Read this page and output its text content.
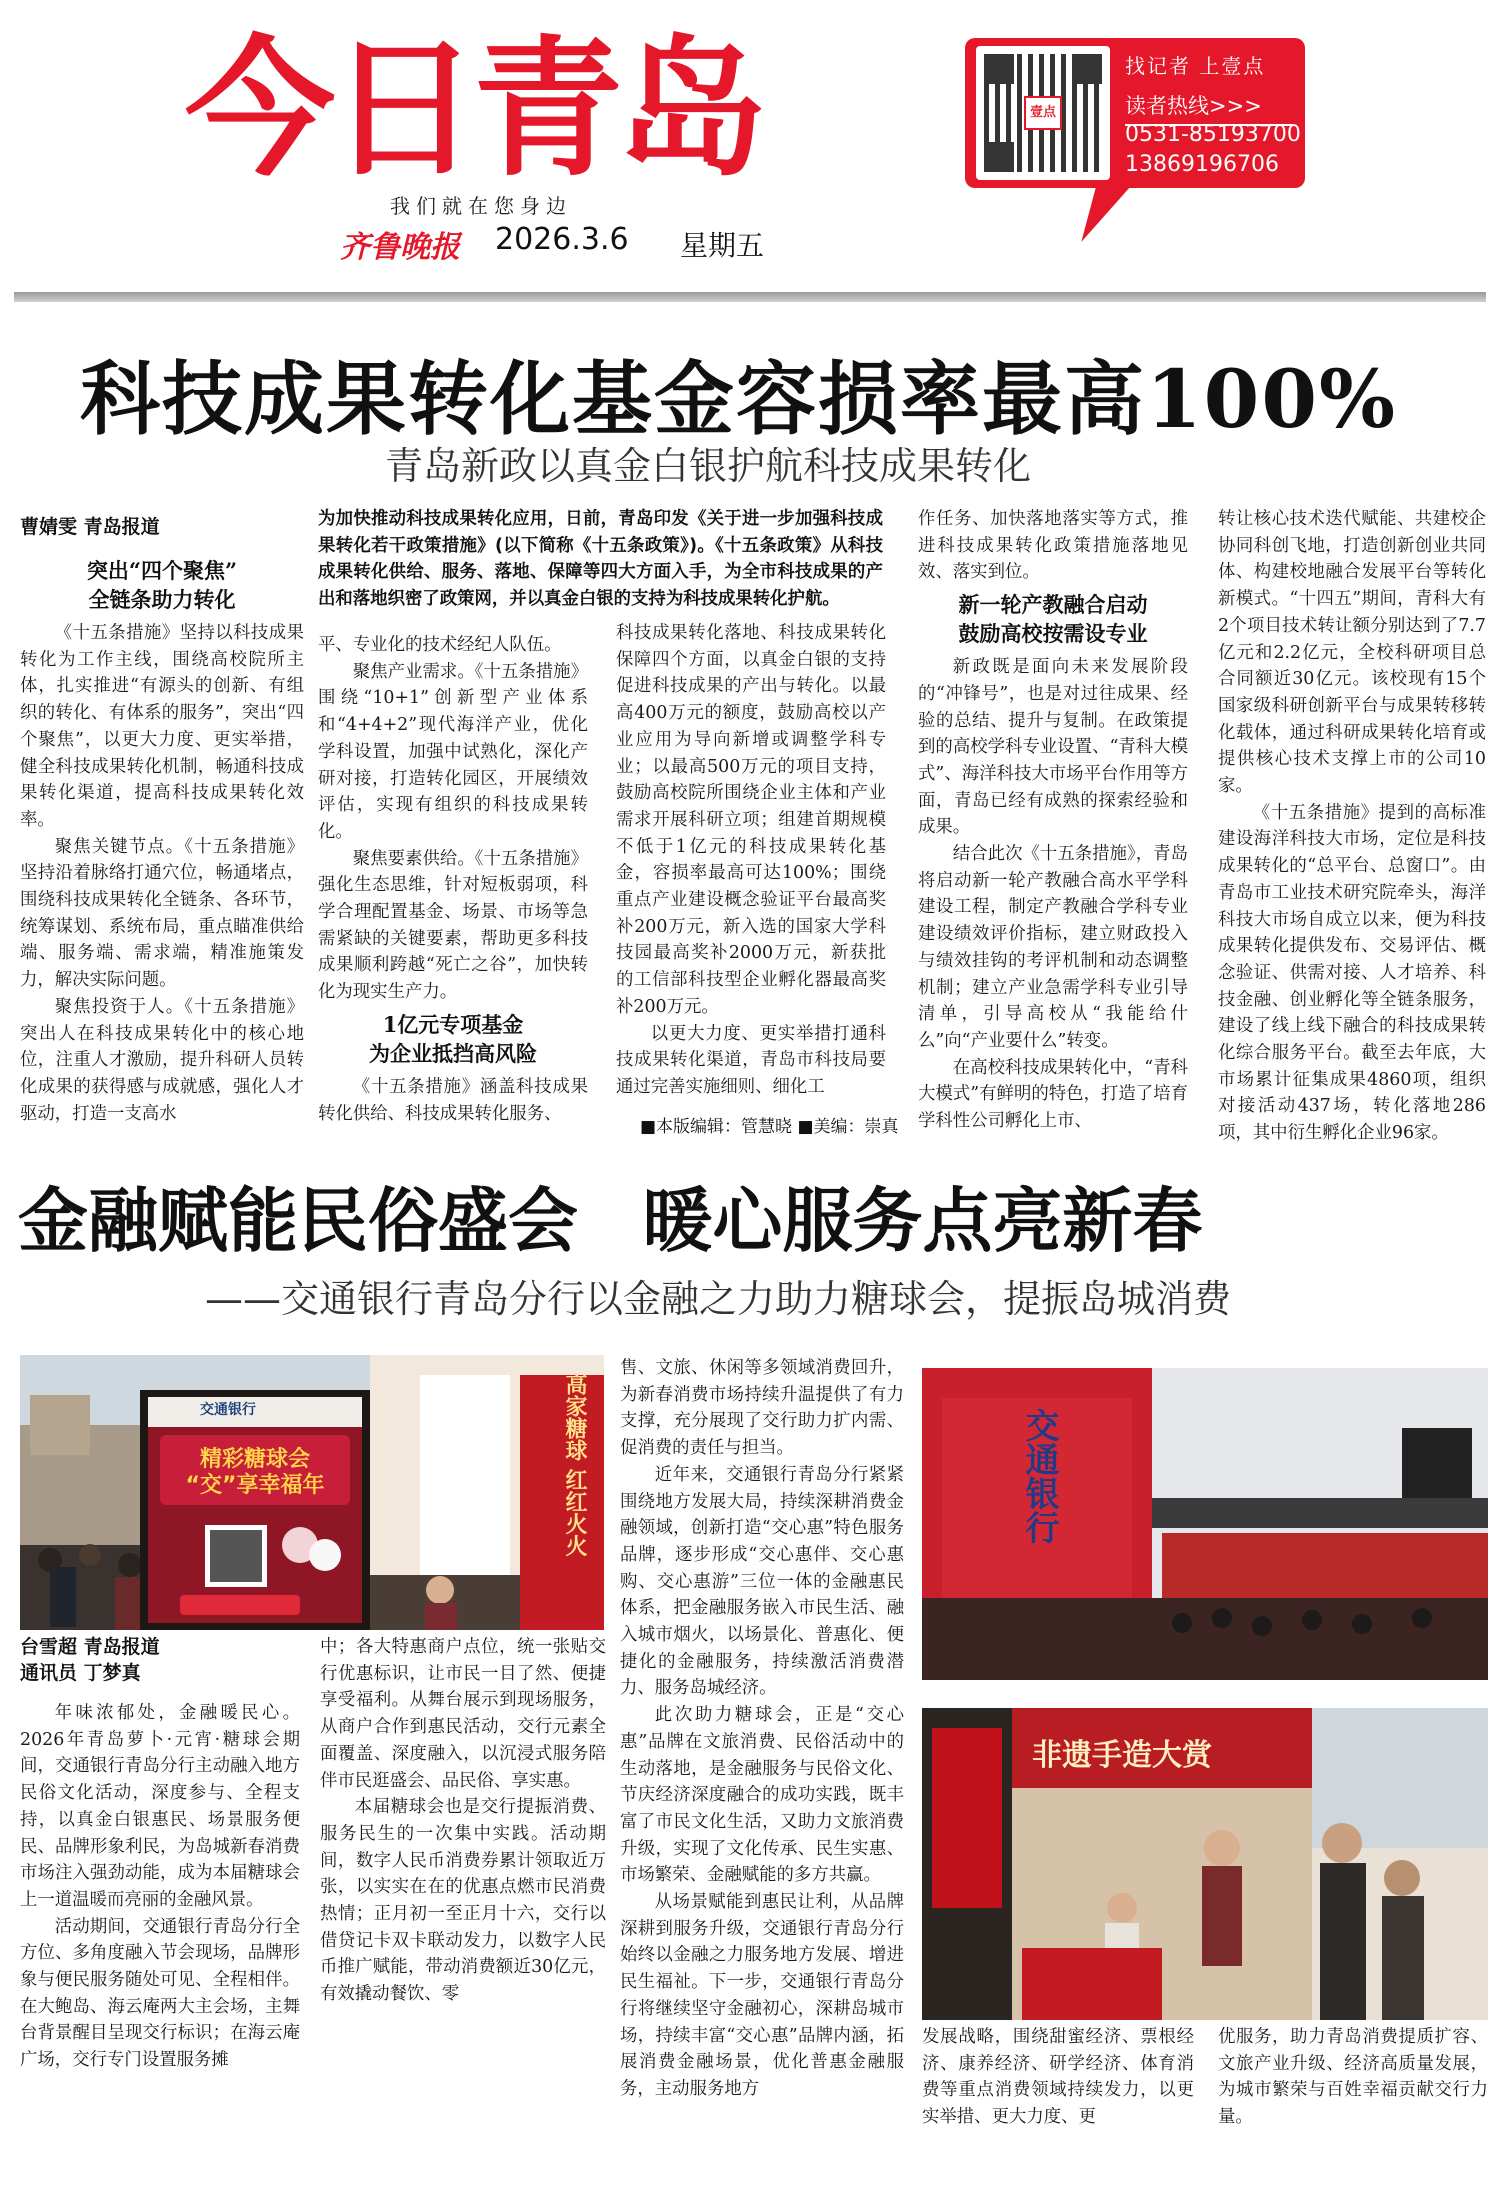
今日青岛
我们就在您身边
齐鲁晚报 2026.3.6 星期五
壹点
找记者 上壹点
读者热线>>>
0531-85193700
13869196706
科技成果转化基金容损率最高100%
青岛新政以真金白银护航科技成果转化
曹婧雯 青岛报道	为加快推动科技成果转化应用，日前，青岛印发《关于进一步加强科技成果转化若干政策措施》(以下简称《十五条政策》)。《十五条政策》从科技成果转化供给、服务、落地、保障等四大方面入手，为全市科技成果的产出和落地织密了政策网，并以真金白银的支持为科技成果转化护航。
突出“四个聚焦”
全链条助力转化

《十五条措施》坚持以科技成果转化为工作主线，围绕高校院所主体，扎实推进“有源头的创新、有组织的转化、有体系的服务”，突出“四个聚焦”，以更大力度、更实举措，健全科技成果转化机制，畅通科技成果转化渠道，提高科技成果转化效率。

聚焦关键节点。《十五条措施》坚持沿着脉络打通穴位，畅通堵点，围绕科技成果转化全链条、各环节，统筹谋划、系统布局，重点瞄准供给端、服务端、需求端，精准施策发力，解决实际问题。

聚焦投资于人。《十五条措施》突出人在科技成果转化中的核心地位，注重人才激励，提升科研人员转化成果的获得感与成就感，强化人才驱动，打造一支高水

平、专业化的技术经纪人队伍。

聚焦产业需求。《十五条措施》围绕“10+1”创新型产业体系和“4+4+2”现代海洋产业，优化学科设置，加强中试熟化，深化产研对接，打造转化园区，开展绩效评估，实现有组织的科技成果转化。

聚焦要素供给。《十五条措施》强化生态思维，针对短板弱项，科学合理配置基金、场景、市场等急需紧缺的关键要素，帮助更多科技成果顺利跨越“死亡之谷”，加快转化为现实生产力。

1亿元专项基金
为企业抵挡高风险

《十五条措施》涵盖科技成果转化供给、科技成果转化服务、

科技成果转化落地、科技成果转化保障四个方面，以真金白银的支持促进科技成果的产出与转化。以最高400万元的额度，鼓励高校以产业应用为导向新增或调整学科专业；以最高500万元的项目支持，鼓励高校院所围绕企业主体和产业需求开展科研立项；组建首期规模不低于1亿元的科技成果转化基金，容损率最高可达100%；围绕重点产业建设概念验证平台最高奖补200万元，新入选的国家大学科技园最高奖补2000万元，新获批的工信部科技型企业孵化器最高奖补200万元。

以更大力度、更实举措打通科技成果转化渠道，青岛市科技局要通过完善实施细则、细化工

作任务、加快落地落实等方式，推进科技成果转化政策措施落地见效、落实到位。

新一轮产教融合启动
鼓励高校按需设专业

新政既是面向未来发展阶段的“冲锋号”，也是对过往成果、经验的总结、提升与复制。在政策提到的高校学科专业设置、“青科大模式”、海洋科技大市场平台作用等方面，青岛已经有成熟的探索经验和成果。

结合此次《十五条措施》，青岛将启动新一轮产教融合高水平学科建设工程，制定产教融合学科专业建设绩效评价指标，建立财政投入与绩效挂钩的考评机制和动态调整机制；建立产业急需学科专业引导清单，引导高校从“我能给什么”向“产业要什么”转变。

在高校科技成果转化中，“青科大模式”有鲜明的特色，打造了培育学科性公司孵化上市、

转让核心技术迭代赋能、共建校企协同科创飞地，打造创新创业共同体、构建校地融合发展平台等转化新模式。“十四五”期间，青科大有2个项目技术转让额分别达到了7.7亿元和2.2亿元，全校科研项目总合同额近30亿元。该校现有15个国家级科研创新平台与成果转移转化载体，通过科研成果转化培育或提供核心技术支撑上市的公司10家。

《十五条措施》提到的高标准建设海洋科技大市场，定位是科技成果转化的“总平台、总窗口”。由青岛市工业技术研究院牵头，海洋科技大市场自成立以来，便为科技成果转化提供发布、交易评估、概念验证、供需对接、人才培养、科技金融、创业孵化等全链条服务，建设了线上线下融合的科技成果转化综合服务平台。截至去年底，大市场累计征集成果4860项，组织对接活动437场，转化落地286项，其中衍生孵化企业96家。

■本版编辑：管慧晓 ■美编：崇真
金融赋能民俗盛会 暖心服务点亮新春
——交通银行青岛分行以金融之力助力糖球会，提振岛城消费
交通银行
精彩糖球会 “交”享幸福年	高家糖球 红红火火	交通银行
非遗手造大赏
台雪超 青岛报道
通讯员 丁梦真

年味浓郁处，金融暖民心。2026年青岛萝卜·元宵·糖球会期间，交通银行青岛分行主动融入地方民俗文化活动，深度参与、全程支持，以真金白银惠民、场景服务便民、品牌形象利民，为岛城新春消费市场注入强劲动能，成为本届糖球会上一道温暖而亮丽的金融风景。

活动期间，交通银行青岛分行全方位、多角度融入节会现场，品牌形象与便民服务随处可见、全程相伴。在大鲍岛、海云庵两大主会场，主舞台背景醒目呈现交行标识；在海云庵广场，交行专门设置服务摊

中；各大特惠商户点位，统一张贴交行优惠标识，让市民一目了然、便捷享受福利。从舞台展示到现场服务，从商户合作到惠民活动，交行元素全面覆盖、深度融入，以沉浸式服务陪伴市民逛盛会、品民俗、享实惠。

本届糖球会也是交行提振消费、服务民生的一次集中实践。活动期间，数字人民币消费券累计领取近万张，以实实在在的优惠点燃市民消费热情；正月初一至正月十六，交行以借贷记卡双卡联动发力，以数字人民币推广赋能，带动消费额近30亿元，有效撬动餐饮、零

售、文旅、休闲等多领域消费回升，为新春消费市场持续升温提供了有力支撑，充分展现了交行助力扩内需、促消费的责任与担当。

近年来，交通银行青岛分行紧紧围绕地方发展大局，持续深耕消费金融领域，创新打造“交心惠”特色服务品牌，逐步形成“交心惠伴、交心惠购、交心惠游”三位一体的金融惠民体系，把金融服务嵌入市民生活、融入城市烟火，以场景化、普惠化、便捷化的金融服务，持续激活消费潜力、服务岛城经济。

此次助力糖球会，正是“交心惠”品牌在文旅消费、民俗活动中的生动落地，是金融服务与民俗文化、节庆经济深度融合的成功实践，既丰富了市民文化生活，又助力文旅消费升级，实现了文化传承、民生实惠、市场繁荣、金融赋能的多方共赢。

从场景赋能到惠民让利，从品牌深耕到服务升级，交通银行青岛分行始终以金融之力服务地方发展、增进民生福祉。下一步，交通银行青岛分行将继续坚守金融初心，深耕岛城市场，持续丰富“交心惠”品牌内涵，拓展消费金融场景，优化普惠金融服务，主动服务地方

发展战略，围绕甜蜜经济、票根经济、康养经济、研学经济、体育消费等重点消费领域持续发力，以更实举措、更大力度、更

优服务，助力青岛消费提质扩容、文旅产业升级、经济高质量发展，为城市繁荣与百姓幸福贡献交行力量。
